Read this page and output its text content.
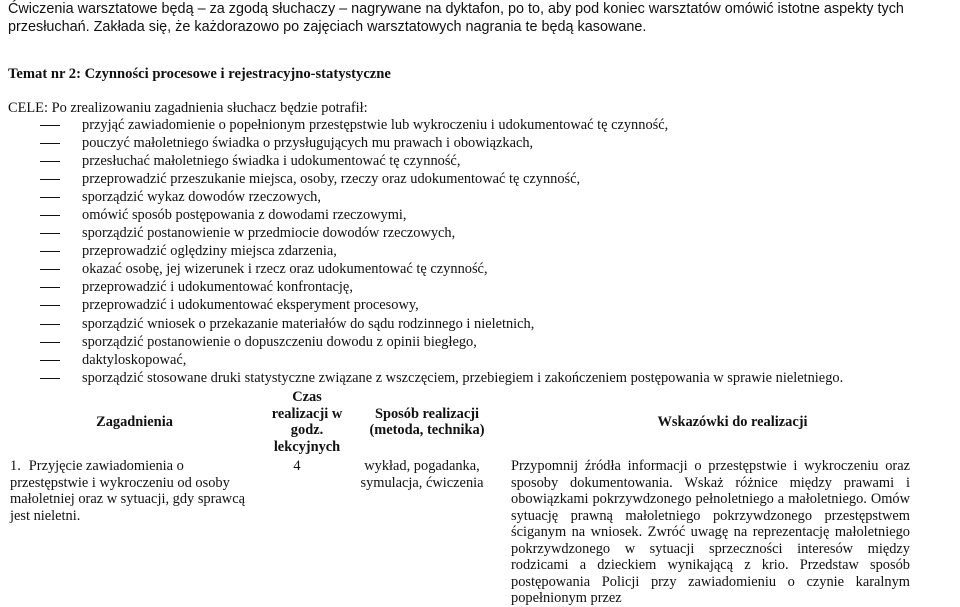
Ćwiczenia warsztatowe będą – za zgodą słuchaczy – nagrywane na dyktafon, po to, aby pod koniec warsztatów omówić istotne aspekty tych przesłuchań. Zakłada się, że każdorazowo po zajęciach warsztatowych nagrania te będą kasowane.
Temat nr 2: Czynności procesowe i rejestracyjno-statystyczne
CELE: Po zrealizowaniu zagadnienia słuchacz będzie potrafił:
przyjąć zawiadomienie o popełnionym przestępstwie lub wykroczeniu i udokumentować tę czynność,
pouczyć małoletniego świadka o przysługujących mu prawach i obowiązkach,
przesłuchać małoletniego świadka i udokumentować tę czynność,
przeprowadzić przeszukanie miejsca, osoby, rzeczy oraz udokumentować tę czynność,
sporządzić wykaz dowodów rzeczowych,
omówić sposób postępowania z dowodami rzeczowymi,
sporządzić postanowienie w przedmiocie dowodów rzeczowych,
przeprowadzić oględziny miejsca zdarzenia,
okazać osobę, jej wizerunek i rzecz oraz udokumentować tę czynność,
przeprowadzić i udokumentować konfrontację,
przeprowadzić i udokumentować eksperyment procesowy,
sporządzić wniosek o przekazanie materiałów do sądu rodzinnego i nieletnich,
sporządzić postanowienie o dopuszczeniu dowodu z opinii biegłego,
daktyloskopować,
sporządzić stosowane druki statystyczne związane z wszczęciem, przebiegiem i zakończeniem postępowania w sprawie nieletniego.
Zagadnienia	Czas realizacji w godz. lekcyjnych	Sposób realizacji (metoda, technika)	Wskazówki do realizacji

1. Przyjęcie zawiadomienia o przestępstwie i wykroczeniu od osoby małoletniej oraz w sytuacji, gdy sprawcą jest nieletni.	4	wykład, pogadanka, symulacja, ćwiczenia	Przypomnij źródła informacji o przestępstwie i wykroczeniu oraz sposoby dokumentowania. Wskaż różnice między prawami i obowiązkami pokrzywdzonego pełnoletniego a małoletniego. Omów sytuację prawną małoletniego pokrzywdzonego przestępstwem ściganym na wniosek. Zwróć uwagę na reprezentację małoletniego pokrzywdzonego w sytuacji sprzeczności interesów między rodzicami a dzieckiem wynikającą z krio. Przedstaw sposób postępowania Policji przy zawiadomieniu o czynie karalnym popełnionym przez
